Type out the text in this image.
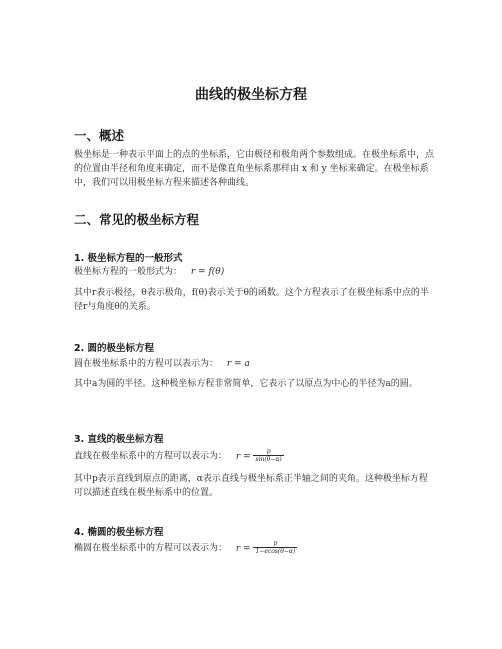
曲线的极坐标方程
一、概述

极坐标是一种表示平面上的点的坐标系，它由极径和极角两个参数组成。在极坐标系中，点的位置由半径和角度来确定，而不是像直角坐标系那样由 x 和 y 坐标来确定。在极坐标系中，我们可以用极坐标方程来描述各种曲线。

二、常见的极坐标方程
1. 极坐标方程的一般形式

极坐标方程的一般形式为： r = f(θ)

其中r表示极径，θ表示极角，f(θ)表示关于θ的函数。这个方程表示了在极坐标系中点的半径r与角度θ的关系。

2. 圆的极坐标方程

圆在极坐标系中的方程可以表示为： r = a

其中a为圆的半径。这种极坐标方程非常简单，它表示了以原点为中心的半径为a的圆。

3. 直线的极坐标方程

直线在极坐标系中的方程可以表示为： $r = \frac{p}{\sin(\theta-\alpha)}$

其中p表示直线到原点的距离，α表示直线与极坐标系正半轴之间的夹角。这种极坐标方程可以描述直线在极坐标系中的位置。

4. 椭圆的极坐标方程

椭圆在极坐标系中的方程可以表示为： $r = \frac{p}{1-ecos(\theta-\alpha)}$
